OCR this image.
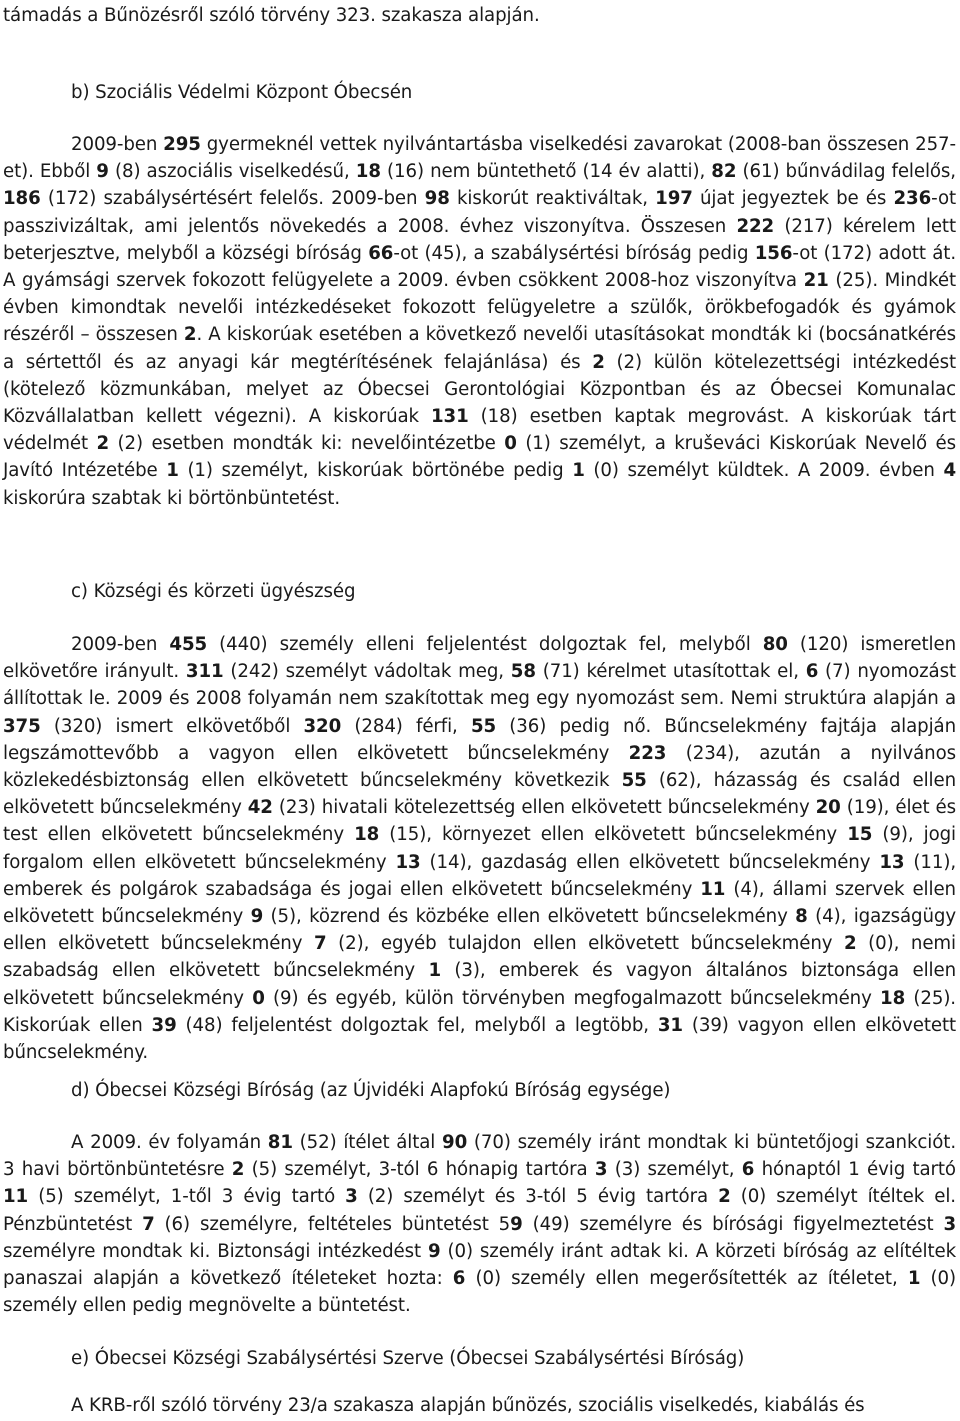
támadás a Bűnözésről szóló törvény 323. szakasza alapján.

b) Szociális Védelmi Központ Óbecsén

2009-ben 295 gyermeknél vettek nyilvántartásba viselkedési zavarokat (2008-ban összesen 257-et). Ebből 9 (8) aszociális viselkedésű, 18 (16) nem büntethető (14 év alatti), 82 (61) bűnvádilag felelős, 186 (172) szabálysértésért felelős. 2009-ben 98 kiskorút reaktiváltak, 197 újat jegyeztek be és 236-ot passzivizáltak, ami jelentős növekedés a 2008. évhez viszonyítva. Összesen 222 (217) kérelem lett beterjesztve, melyből a községi bíróság 66-ot (45), a szabálysértési bíróság pedig 156-ot (172) adott át. A gyámsági szervek fokozott felügyelete a 2009. évben csökkent 2008-hoz viszonyítva 21 (25). Mindkét évben kimondtak nevelői intézkedéseket fokozott felügyeletre a szülők, örökbefogadók és gyámok részéről – összesen 2. A kiskorúak esetében a következő nevelői utasításokat mondták ki (bocsánatkérés a sértettől és az anyagi kár megtérítésének felajánlása) és 2 (2) külön kötelezettségi intézkedést (kötelező közmunkában, melyet az Óbecsei Gerontológiai Központban és az Óbecsei Komunalac Közvállalatban kellett végezni). A kiskorúak 131 (18) esetben kaptak megrovást. A kiskorúak tárt védelmét 2 (2) esetben mondták ki: nevelőintézetbe 0 (1) személyt, a kruševáci Kiskorúak Nevelő és Javító Intézetébe 1 (1) személyt, kiskorúak börtönébe pedig 1 (0) személyt küldtek. A 2009. évben 4 kiskorúra szabtak ki börtönbüntetést.

c) Községi és körzeti ügyészség

2009-ben 455 (440) személy elleni feljelentést dolgoztak fel, melyből 80 (120) ismeretlen elkövetőre irányult. 311 (242) személyt vádoltak meg, 58 (71) kérelmet utasítottak el, 6 (7) nyomozást állítottak le. 2009 és 2008 folyamán nem szakítottak meg egy nyomozást sem. Nemi struktúra alapján a 375 (320) ismert elkövetőből 320 (284) férfi, 55 (36) pedig nő. Bűncselekmény fajtája alapján legszámottevőbb a vagyon ellen elkövetett bűncselekmény 223 (234), azután a nyilvános közlekedésbiztonság ellen elkövetett bűncselekmény következik 55 (62), házasság és család ellen elkövetett bűncselekmény 42 (23) hivatali kötelezettség ellen elkövetett bűncselekmény 20 (19), élet és test ellen elkövetett bűncselekmény 18 (15), környezet ellen elkövetett bűncselekmény 15 (9), jogi forgalom ellen elkövetett bűncselekmény 13 (14), gazdaság ellen elkövetett bűncselekmény 13 (11), emberek és polgárok szabadsága és jogai ellen elkövetett bűncselekmény 11 (4), állami szervek ellen elkövetett bűncselekmény 9 (5), közrend és közbéke ellen elkövetett bűncselekmény 8 (4), igazságügy ellen elkövetett bűncselekmény 7 (2), egyéb tulajdon ellen elkövetett bűncselekmény 2 (0), nemi szabadság ellen elkövetett bűncselekmény 1 (3), emberek és vagyon általános biztonsága ellen elkövetett bűncselekmény 0 (9) és egyéb, külön törvényben megfogalmazott bűncselekmény 18 (25). Kiskorúak ellen 39 (48) feljelentést dolgoztak fel, melyből a legtöbb, 31 (39) vagyon ellen elkövetett bűncselekmény.

d) Óbecsei Községi Bíróság (az Újvidéki Alapfokú Bíróság egysége)

A 2009. év folyamán 81 (52) ítélet által 90 (70) személy iránt mondtak ki büntetőjogi szankciót. 3 havi börtönbüntetésre 2 (5) személyt, 3-tól 6 hónapig tartóra 3 (3) személyt, 6 hónaptól 1 évig tartó 11 (5) személyt, 1-től 3 évig tartó 3 (2) személyt és 3-tól 5 évig tartóra 2 (0) személyt ítéltek el. Pénzbüntetést 7 (6) személyre, feltételes büntetést 59 (49) személyre és bírósági figyelmeztetést 3 személyre mondtak ki. Biztonsági intézkedést 9 (0) személy iránt adtak ki. A körzeti bíróság az elítéltek panaszai alapján a következő ítéleteket hozta: 6 (0) személy ellen megerősítették az ítéletet, 1 (0) személy ellen pedig megnövelte a büntetést.

e) Óbecsei Községi Szabálysértési Szerve (Óbecsei Szabálysértési Bíróság)

A KRB-ről szóló törvény 23/a szakasza alapján bűnözés, szociális viselkedés, kiabálás és
